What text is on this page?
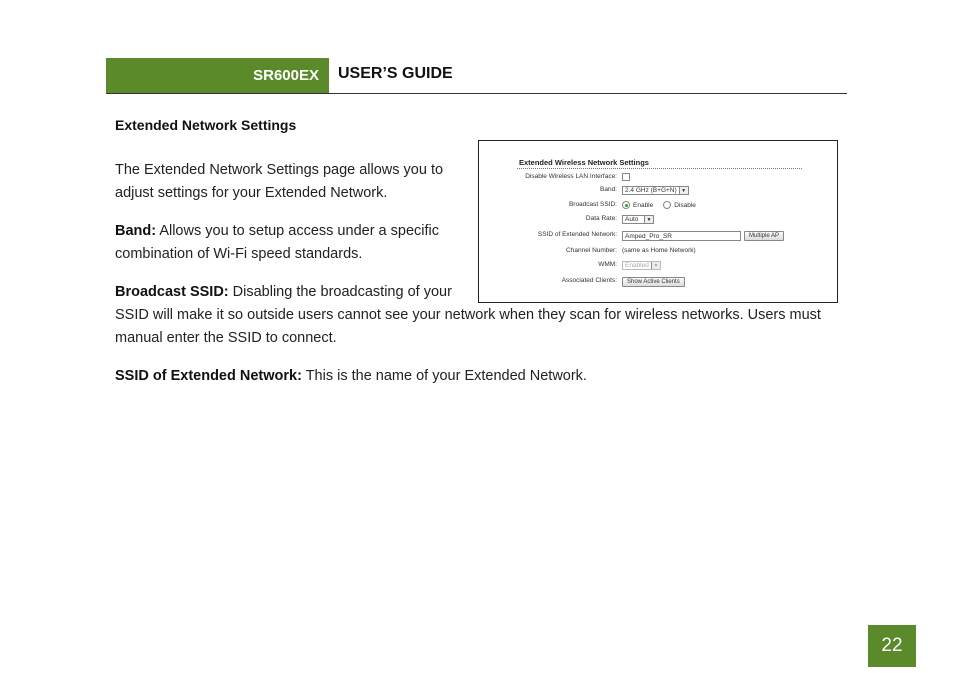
SR600EX USER’S GUIDE
Extended Network Settings
The Extended Network Settings page allows you to
adjust settings for your Extended Network.
Band: Allows you to setup access under a specific
combination of Wi-Fi speed standards.
Broadcast SSID: Disabling the broadcasting of your
SSID will make it so outside users cannot see your network when they scan for wireless networks. Users must
manual enter the SSID to connect.
SSID of Extended Network: This is the name of your Extended Network.
Extended Wireless Network Settings
Disable Wireless LAN Interface:
Band: 2.4 GHz (B+G+N) ▼
Broadcast SSID: Enable	Disable
Data Rate: Auto	▼
SSID of Extended Network:	Amped_Pro_SR	Multiple AP
Channel Number: (same as Home Network)
WMM: Enabled ▼
Associated Clients:	Show Active Clients
22
